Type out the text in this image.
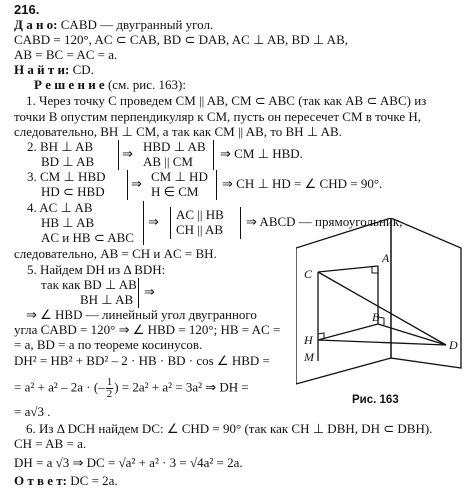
216.
Д а н о: CABD — двугранный угол.
CABD = 120°, AC ⊂ CAB, BD ⊂ DAB, AC ⊥ AB, BD ⊥ AB,
AB = BC = AC = a.
Н а й т и: CD.
Р е ш е н и е (см. рис. 163):
1. Через точку C проведем CM || AB, CM ⊂ ABC (так как AB ⊂ ABC) из
точки B опустим перпендикуляр к CM, пусть он пересечет CM в точке H,
следовательно, BH ⊥ CM, а так как CM || AB, то BH ⊥ AB.
2. BH ⊥ AB
BD ⊥ AB
⇒ HBD ⊥ AB
AB || CM
⇒ CM ⊥ HBD.
3. CM ⊥ HBD
HD ⊂ HBD
⇒ CM ⊥ HD
H ∈ CM
⇒ CH ⊥ HD = ∠ CHD = 90°.
4. AC ⊥ AB
HB ⊥ AB
AC и HB ⊂ ABC
⇒ AC || HB
CH || AB
⇒ ABCD — прямоугольник,
следовательно, AB = CH и AC = BH.
5. Найдем DH из Δ BDH:
так как BD ⊥ AB
BH ⊥ AB
⇒
⇒ ∠ HBD — линейный угол двугранного
угла CABD = 120° ⇒ ∠ HBD = 120°; HB = AC =
= a, BD = a по теореме косинусов.
DH² = HB² + BD² – 2 · HB · BD · cos ∠ HBD =
= a² + a² – 2a · (– $\frac{1}{2}$ ) = 2a² + a² = 3a² ⇒ DH =
= a√3 .
6. Из Δ DCH найдем DC: ∠ CHD = 90° (так как CH ⊥ DBH, DH ⊂ DBH).
CH = AB = a.
DH = a √3 ⇒ DC = √a² + a² · 3 = √4a² = 2a.
О т в е т: DC = 2a.
C
A
B
H
M
D
Рис. 163
